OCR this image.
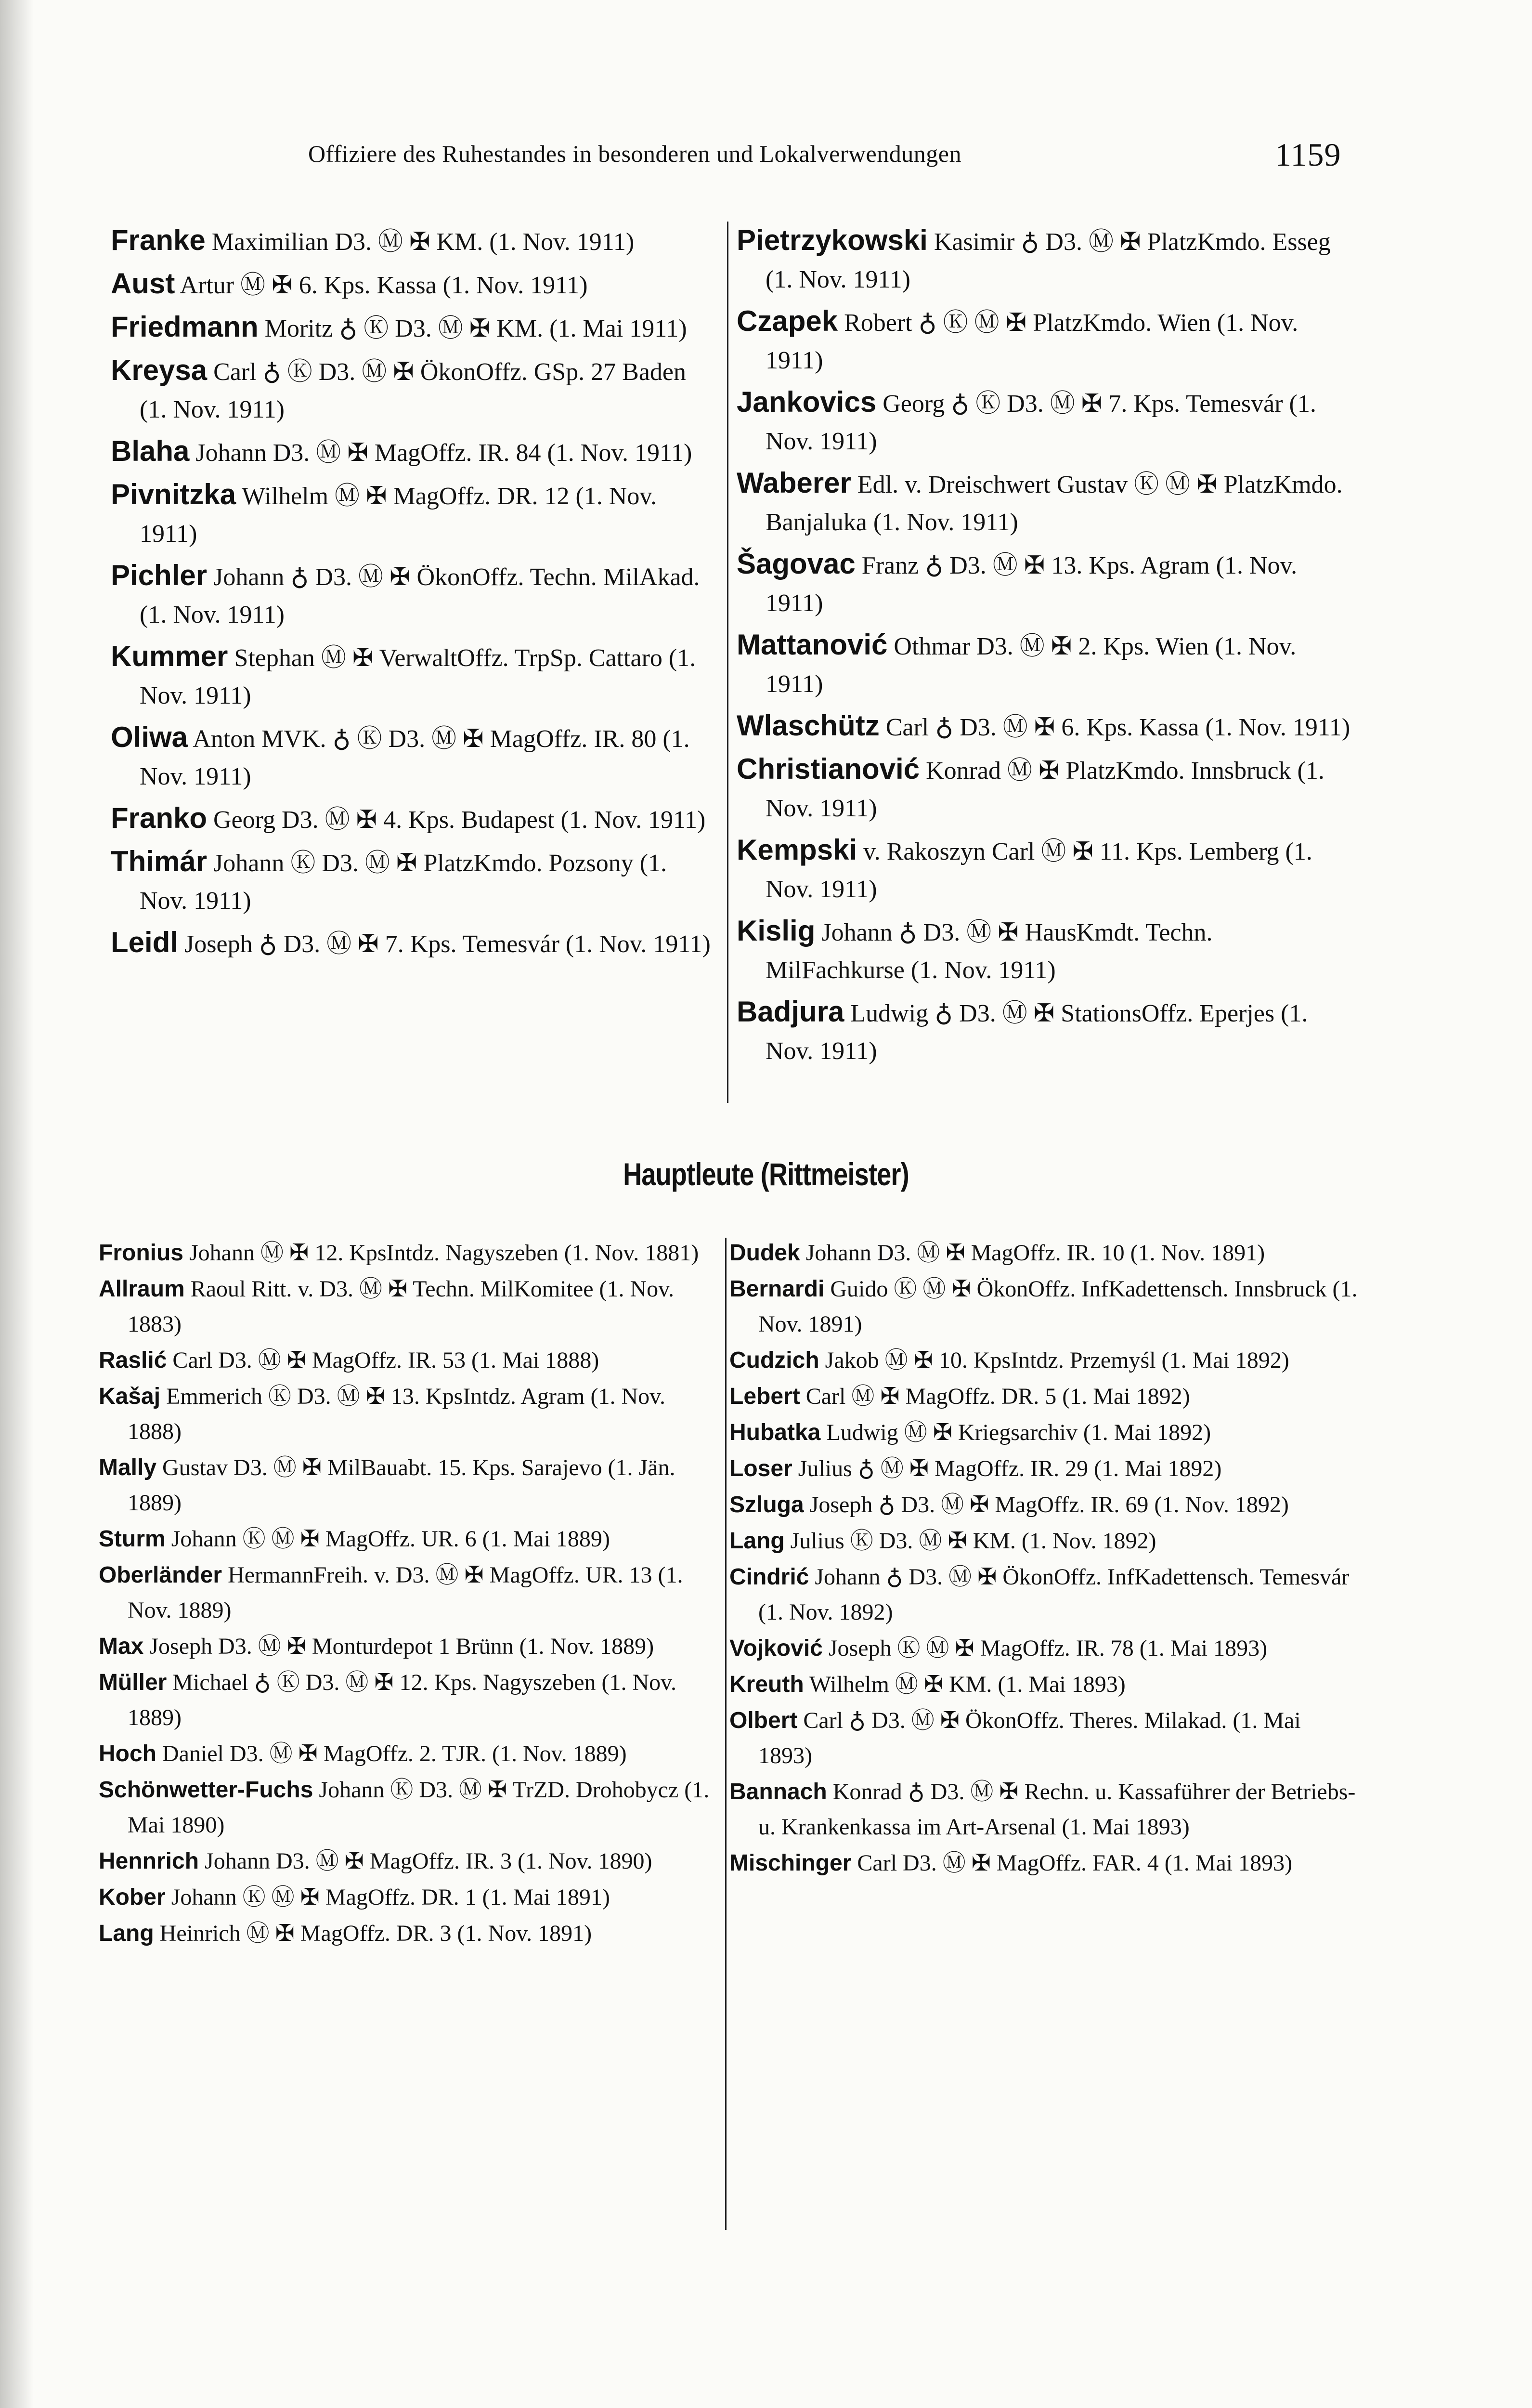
Offiziere des Ruhestandes in besonderen und Lokalverwendungen	1159

Franke Maximilian D3. Ⓜ ✠ KM. (1. Nov. 1911)

Aust Artur Ⓜ ✠ 6. Kps. Kassa (1. Nov. 1911)

Friedmann Moritz ♁ Ⓚ D3. Ⓜ ✠ KM. (1. Mai 1911)

Kreysa Carl ♁ Ⓚ D3. Ⓜ ✠ ÖkonOffz. GSp. 27 Baden (1. Nov. 1911)

Blaha Johann D3. Ⓜ ✠ MagOffz. IR. 84 (1. Nov. 1911)

Pivnitzka Wilhelm Ⓜ ✠ MagOffz. DR. 12 (1. Nov. 1911)

Pichler Johann ♁ D3. Ⓜ ✠ ÖkonOffz. Techn. MilAkad. (1. Nov. 1911)

Kummer Stephan Ⓜ ✠ VerwaltOffz. TrpSp. Cattaro (1. Nov. 1911)

Oliwa Anton MVK. ♁ Ⓚ D3. Ⓜ ✠ MagOffz. IR. 80 (1. Nov. 1911)

Franko Georg D3. Ⓜ ✠ 4. Kps. Budapest (1. Nov. 1911)

Thimár Johann Ⓚ D3. Ⓜ ✠ PlatzKmdo. Pozsony (1. Nov. 1911)

Leidl Joseph ♁ D3. Ⓜ ✠ 7. Kps. Temesvár (1. Nov. 1911)

Pietrzykowski Kasimir ♁ D3. Ⓜ ✠ PlatzKmdo. Esseg (1. Nov. 1911)

Czapek Robert ♁ Ⓚ Ⓜ ✠ PlatzKmdo. Wien (1. Nov. 1911)

Jankovics Georg ♁ Ⓚ D3. Ⓜ ✠ 7. Kps. Temesvár (1. Nov. 1911)

Waberer Edl. v. Dreischwert Gustav Ⓚ Ⓜ ✠ PlatzKmdo. Banjaluka (1. Nov. 1911)

Šagovac Franz ♁ D3. Ⓜ ✠ 13. Kps. Agram (1. Nov. 1911)

Mattanović Othmar D3. Ⓜ ✠ 2. Kps. Wien (1. Nov. 1911)

Wlaschütz Carl ♁ D3. Ⓜ ✠ 6. Kps. Kassa (1. Nov. 1911)

Christianović Konrad Ⓜ ✠ PlatzKmdo. Innsbruck (1. Nov. 1911)

Kempski v. Rakoszyn Carl Ⓜ ✠ 11. Kps. Lemberg (1. Nov. 1911)

Kislig Johann ♁ D3. Ⓜ ✠ HausKmdt. Techn. MilFachkurse (1. Nov. 1911)

Badjura Ludwig ♁ D3. Ⓜ ✠ StationsOffz. Eperjes (1. Nov. 1911)

Hauptleute (Rittmeister)

Fronius Johann Ⓜ ✠ 12. KpsIntdz. Nagyszeben (1. Nov. 1881)

Allraum Raoul Ritt. v. D3. Ⓜ ✠ Techn. MilKomitee (1. Nov. 1883)

Raslić Carl D3. Ⓜ ✠ MagOffz. IR. 53 (1. Mai 1888)

Kašaj Emmerich Ⓚ D3. Ⓜ ✠ 13. KpsIntdz. Agram (1. Nov. 1888)

Mally Gustav D3. Ⓜ ✠ MilBauabt. 15. Kps. Sarajevo (1. Jän. 1889)

Sturm Johann Ⓚ Ⓜ ✠ MagOffz. UR. 6 (1. Mai 1889)

Oberländer HermannFreih. v. D3. Ⓜ ✠ MagOffz. UR. 13 (1. Nov. 1889)

Max Joseph D3. Ⓜ ✠ Monturdepot 1 Brünn (1. Nov. 1889)

Müller Michael ♁ Ⓚ D3. Ⓜ ✠ 12. Kps. Nagyszeben (1. Nov. 1889)

Hoch Daniel D3. Ⓜ ✠ MagOffz. 2. TJR. (1. Nov. 1889)

Schönwetter-Fuchs Johann Ⓚ D3. Ⓜ ✠ TrZD. Drohobycz (1. Mai 1890)

Hennrich Johann D3. Ⓜ ✠ MagOffz. IR. 3 (1. Nov. 1890)

Kober Johann Ⓚ Ⓜ ✠ MagOffz. DR. 1 (1. Mai 1891)

Lang Heinrich Ⓜ ✠ MagOffz. DR. 3 (1. Nov. 1891)

Dudek Johann D3. Ⓜ ✠ MagOffz. IR. 10 (1. Nov. 1891)

Bernardi Guido Ⓚ Ⓜ ✠ ÖkonOffz. InfKadettensch. Innsbruck (1. Nov. 1891)

Cudzich Jakob Ⓜ ✠ 10. KpsIntdz. Przemyśl (1. Mai 1892)

Lebert Carl Ⓜ ✠ MagOffz. DR. 5 (1. Mai 1892)

Hubatka Ludwig Ⓜ ✠ Kriegsarchiv (1. Mai 1892)

Loser Julius ♁ Ⓜ ✠ MagOffz. IR. 29 (1. Mai 1892)

Szluga Joseph ♁ D3. Ⓜ ✠ MagOffz. IR. 69 (1. Nov. 1892)

Lang Julius Ⓚ D3. Ⓜ ✠ KM. (1. Nov. 1892)

Cindrić Johann ♁ D3. Ⓜ ✠ ÖkonOffz. InfKadettensch. Temesvár (1. Nov. 1892)

Vojković Joseph Ⓚ Ⓜ ✠ MagOffz. IR. 78 (1. Mai 1893)

Kreuth Wilhelm Ⓜ ✠ KM. (1. Mai 1893)

Olbert Carl ♁ D3. Ⓜ ✠ ÖkonOffz. Theres. Milakad. (1. Mai 1893)

Bannach Konrad ♁ D3. Ⓜ ✠ Rechn. u. Kassaführer der Betriebs- u. Krankenkassa im Art-Arsenal (1. Mai 1893)

Mischinger Carl D3. Ⓜ ✠ MagOffz. FAR. 4 (1. Mai 1893)
